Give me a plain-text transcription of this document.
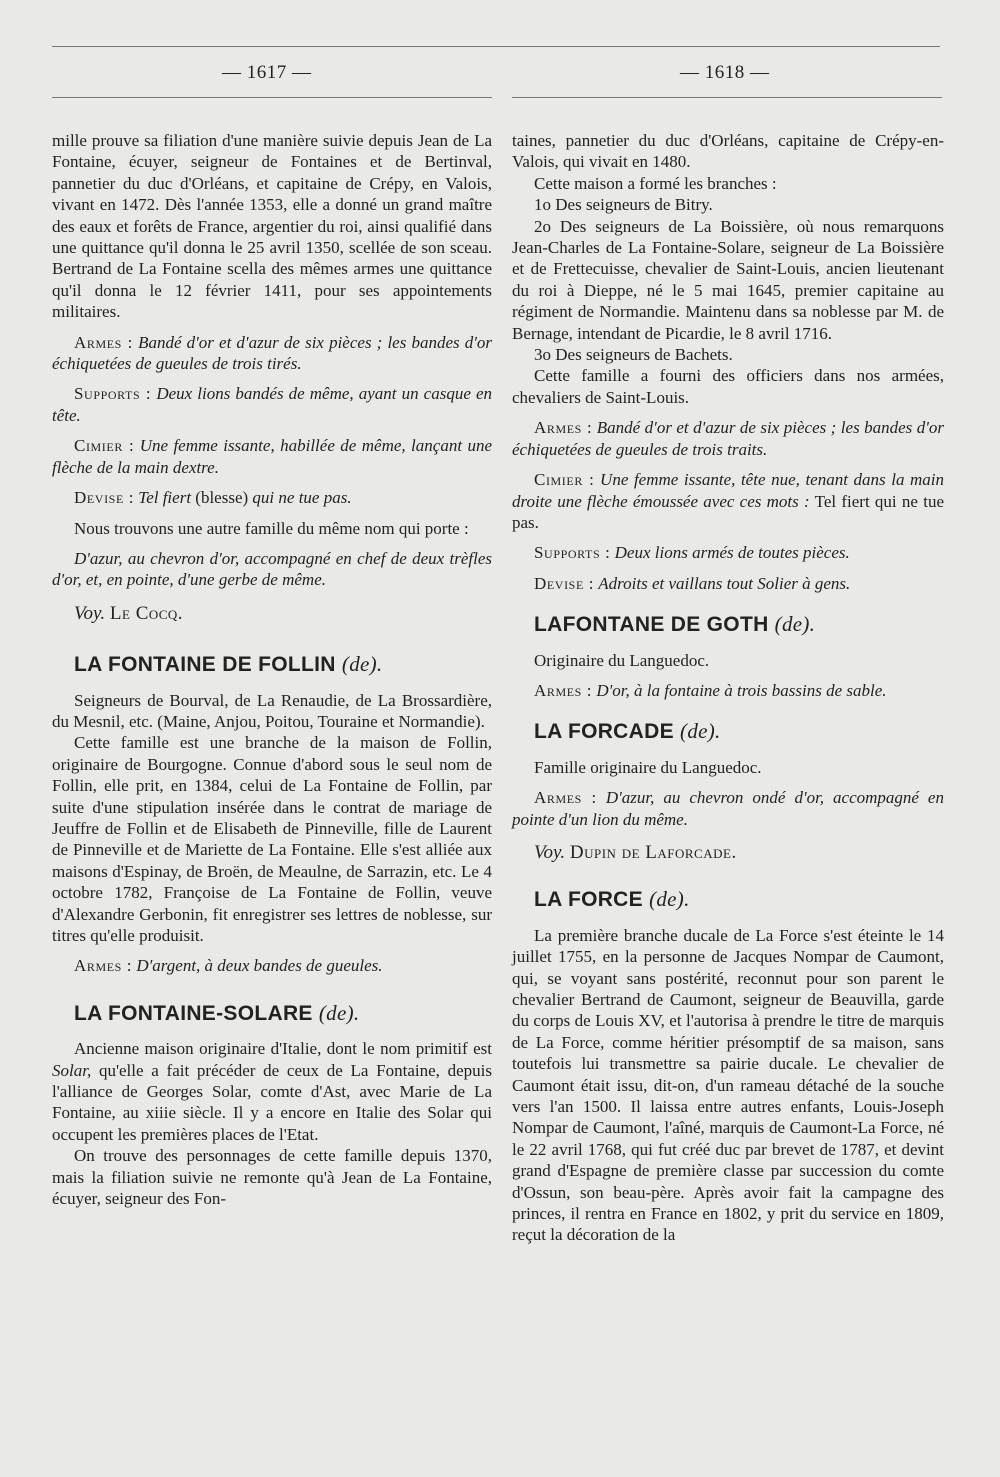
— 1617 —	— 1618 —

mille prouve sa filiation d'une manière suivie depuis Jean de La Fontaine, écuyer, seigneur de Fontaines et de Bertinval, pannetier du duc d'Orléans, et capitaine de Crépy, en Valois, vivant en 1472. Dès l'année 1353, elle a donné un grand maître des eaux et forêts de France, argentier du roi, ainsi qualifié dans une quittance qu'il donna le 25 avril 1350, scellée de son sceau. Bertrand de La Fontaine scella des mêmes armes une quittance qu'il donna le 12 février 1411, pour ses appointements militaires.

Armes : Bandé d'or et d'azur de six pièces ; les bandes d'or échiquetées de gueules de trois tirés.

Supports : Deux lions bandés de même, ayant un casque en tête.

Cimier : Une femme issante, habillée de même, lançant une flèche de la main dextre.

Devise : Tel fiert (blesse) qui ne tue pas.

Nous trouvons une autre famille du même nom qui porte :

D'azur, au chevron d'or, accompagné en chef de deux trèfles d'or, et, en pointe, d'une gerbe de même.

Voy. Le Cocq.

LA FONTAINE DE FOLLIN (de).

Seigneurs de Bourval, de La Renaudie, de La Brossardière, du Mesnil, etc. (Maine, Anjou, Poitou, Touraine et Normandie).

Cette famille est une branche de la maison de Follin, originaire de Bourgogne. Connue d'abord sous le seul nom de Follin, elle prit, en 1384, celui de La Fontaine de Follin, par suite d'une stipulation insérée dans le contrat de mariage de Jeuffre de Follin et de Elisabeth de Pinneville, fille de Laurent de Pinneville et de Mariette de La Fontaine. Elle s'est alliée aux maisons d'Espinay, de Broën, de Meaulne, de Sarrazin, etc. Le 4 octobre 1782, Françoise de La Fontaine de Follin, veuve d'Alexandre Gerbonin, fit enregistrer ses lettres de noblesse, sur titres qu'elle produisit.

Armes : D'argent, à deux bandes de gueules.

LA FONTAINE-SOLARE (de).

Ancienne maison originaire d'Italie, dont le nom primitif est Solar, qu'elle a fait précéder de ceux de La Fontaine, depuis l'alliance de Georges Solar, comte d'Ast, avec Marie de La Fontaine, au xiiie siècle. Il y a encore en Italie des Solar qui occupent les premières places de l'Etat.

On trouve des personnages de cette famille depuis 1370, mais la filiation suivie ne remonte qu'à Jean de La Fontaine, écuyer, seigneur des Fon-

taines, pannetier du duc d'Orléans, capitaine de Crépy-en-Valois, qui vivait en 1480.

Cette maison a formé les branches :

1o Des seigneurs de Bitry.

2o Des seigneurs de La Boissière, où nous remarquons Jean-Charles de La Fontaine-Solare, seigneur de La Boissière et de Frettecuisse, chevalier de Saint-Louis, ancien lieutenant du roi à Dieppe, né le 5 mai 1645, premier capitaine au régiment de Normandie. Maintenu dans sa noblesse par M. de Bernage, intendant de Picardie, le 8 avril 1716.

3o Des seigneurs de Bachets.

Cette famille a fourni des officiers dans nos armées, chevaliers de Saint-Louis.

Armes : Bandé d'or et d'azur de six pièces ; les bandes d'or échiquetées de gueules de trois traits.

Cimier : Une femme issante, tête nue, tenant dans la main droite une flèche émoussée avec ces mots : Tel fiert qui ne tue pas.

Supports : Deux lions armés de toutes pièces.

Devise : Adroits et vaillans tout Solier à gens.

LAFONTANE DE GOTH (de).

Originaire du Languedoc.

Armes : D'or, à la fontaine à trois bassins de sable.

LA FORCADE (de).

Famille originaire du Languedoc.

Armes : D'azur, au chevron ondé d'or, accompagné en pointe d'un lion du même.

Voy. Dupin de Laforcade.

LA FORCE (de).

La première branche ducale de La Force s'est éteinte le 14 juillet 1755, en la personne de Jacques Nompar de Caumont, qui, se voyant sans postérité, reconnut pour son parent le chevalier Bertrand de Caumont, seigneur de Beauvilla, garde du corps de Louis XV, et l'autorisa à prendre le titre de marquis de La Force, comme héritier présomptif de sa maison, sans toutefois lui transmettre sa pairie ducale. Le chevalier de Caumont était issu, dit-on, d'un rameau détaché de la souche vers l'an 1500. Il laissa entre autres enfants, Louis-Joseph Nompar de Caumont, l'aîné, marquis de Caumont-La Force, né le 22 avril 1768, qui fut créé duc par brevet de 1787, et devint grand d'Espagne de première classe par succession du comte d'Ossun, son beau-père. Après avoir fait la campagne des princes, il rentra en France en 1802, y prit du service en 1809, reçut la décoration de la
